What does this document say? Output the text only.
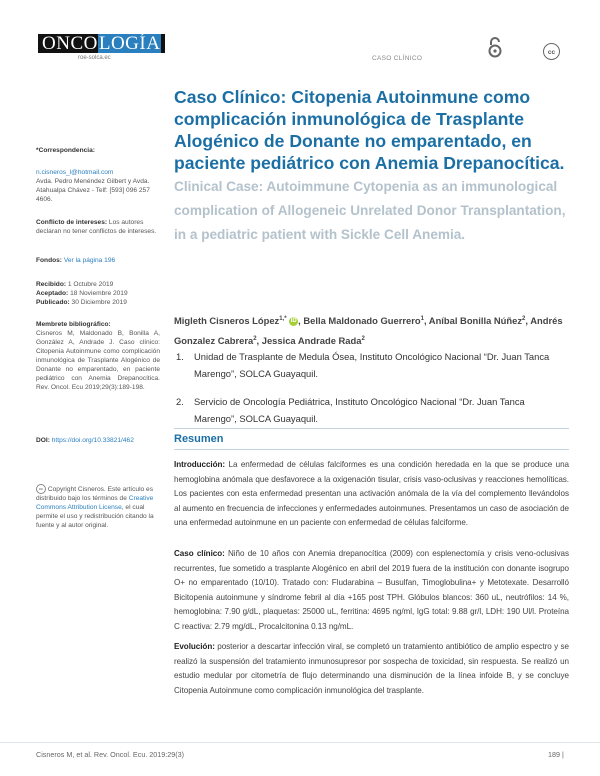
ONCO LOGÍA
roe-solca.ec	CASO CLÍNICO
cc
Caso Clínico: Citopenia Autoinmune como complicación inmunológica de Trasplante Alogénico de Donante no emparentado, en paciente pediátrico con Anemia Drepanocítica. Clinical Case: Autoimmune Cytopenia as an immunological complication of Allogeneic Unrelated Donor Transplantation, in a pediatric patient with Sickle Cell Anemia.
Migleth Cisneros López$^{1,*}$ iD , Bella Maldonado Guerrero$^1$, Aníbal Bonilla Núñez$^2$, Andrés Gonzalez Cabrera$^2$, Jessica Andrade Rada$^2$
1. Unidad de Trasplante de Medula Ósea, Instituto Oncológico Nacional “Dr. Juan Tanca Marengo”, SOLCA Guayaquil.
2. Servicio de Oncología Pediátrica, Instituto Oncológico Nacional “Dr. Juan Tanca Marengo”, SOLCA Guayaquil.
Resumen
Introducción: La enfermedad de células falciformes es una condición heredada en la que se produce una hemoglobina anómala que desfavorece a la oxigenación tisular, crisis vaso-oclusivas y reacciones hemolíticas. Los pacientes con esta enfermedad presentan una activación anómala de la vía del complemento llevándolos al aumento en frecuencia de infecciones y enfermedades autoinmunes. Presentamos un caso de asociación de una enfermedad autoinmune en un paciente con enfermedad de células falciforme.
Caso clínico: Niño de 10 años con Anemia drepanocítica (2009) con esplenectomía y crisis veno-oclusivas recurrentes, fue sometido a trasplante Alogénico en abril del 2019 fuera de la institución con donante isogrupo O+ no emparentado (10/10). Tratado con: Fludarabina – Busulfan, Timoglobulina+ y Metotexate. Desarrolló Bicitopenia autoinmune y síndrome febril al día +165 post TPH. Glóbulos blancos: 360 uL, neutrófilos: 14 %, hemoglobina: 7.90 g/dL, plaquetas: 25000 uL, ferritina: 4695 ng/ml, IgG total: 9.88 gr/l, LDH: 190 Ul/l. Proteína C reactiva: 2.79 mg/dL, Procalcitonina 0.13 ng/mL.
Evolución: posterior a descartar infección viral, se completó un tratamiento antibiótico de amplio espectro y se realizó la suspensión del tratamiento inmunosupresor por sospecha de toxicidad, sin respuesta. Se realizó un estudio medular por citometría de flujo determinando una disminución de la línea infoide B, y se concluye Citopenia Autoinmune como complicación inmunológica del trasplante.
*Correspondencia:
n.cisneros_l@hotmail.com
Avda. Pedro Menéndez Gilbert y Avda. Atahualpa Chávez - Telf: [593] 096 257 4606.
Conflicto de intereses: Los autores declaran no tener conflictos de intereses.
Fondos: Ver la página 196
Recibido: 1 Octubre 2019
Aceptado: 18 Noviembre 2019
Publicado: 30 Diciembre 2019
Membrete bibliográfico:

Cisneros M, Maldonado B, Bonilla A, González A, Andrade J. Caso clínico: Citopenia Autoinmune como complicación inmunológica de Trasplante Alogénico de Donante no emparentado, en paciente pediátrico con Anemia Drepanocítica. Rev. Oncol. Ecu 2019;29(3):189-198.
DOI: https://doi.org/10.33821/462
cc Copyright Cisneros. Este artículo es distribuido bajo los términos de Creative Commons Attribution License, el cual permite el uso y redistribución citando la fuente y al autor original.
Cisneros M, et al. Rev. Oncol. Ecu. 2019:29(3)	189 |
